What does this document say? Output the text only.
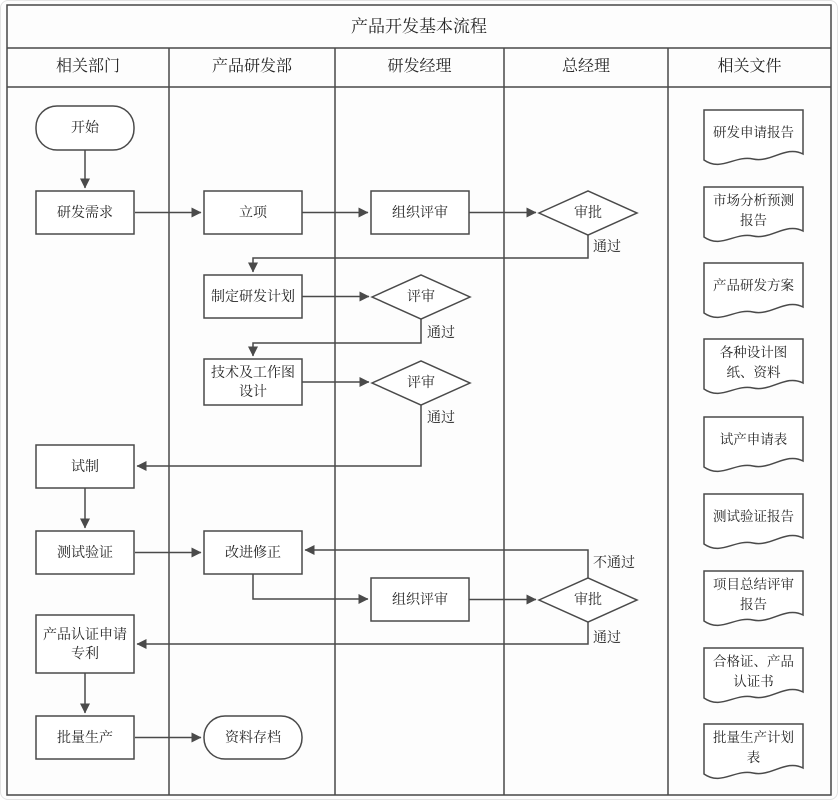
产品开发基本流程
相关部门	产品研发部	研发经理	总经理	相关文件
开始
研发需求	立项	组织评审	审批
制定研发计划	评审
技术及工作图设计
评审
试制
测试验证	改进修正
组织评审	审批
产品认证申请专利
批量生产	资料存档
通过
通过
通过
不通过
通过
研发申请报告
市场分析预测报告
产品研发方案
各种设计图纸、资料
试产申请表
测试验证报告
项目总结评审报告
合格证、产品认证书
批量生产计划表
